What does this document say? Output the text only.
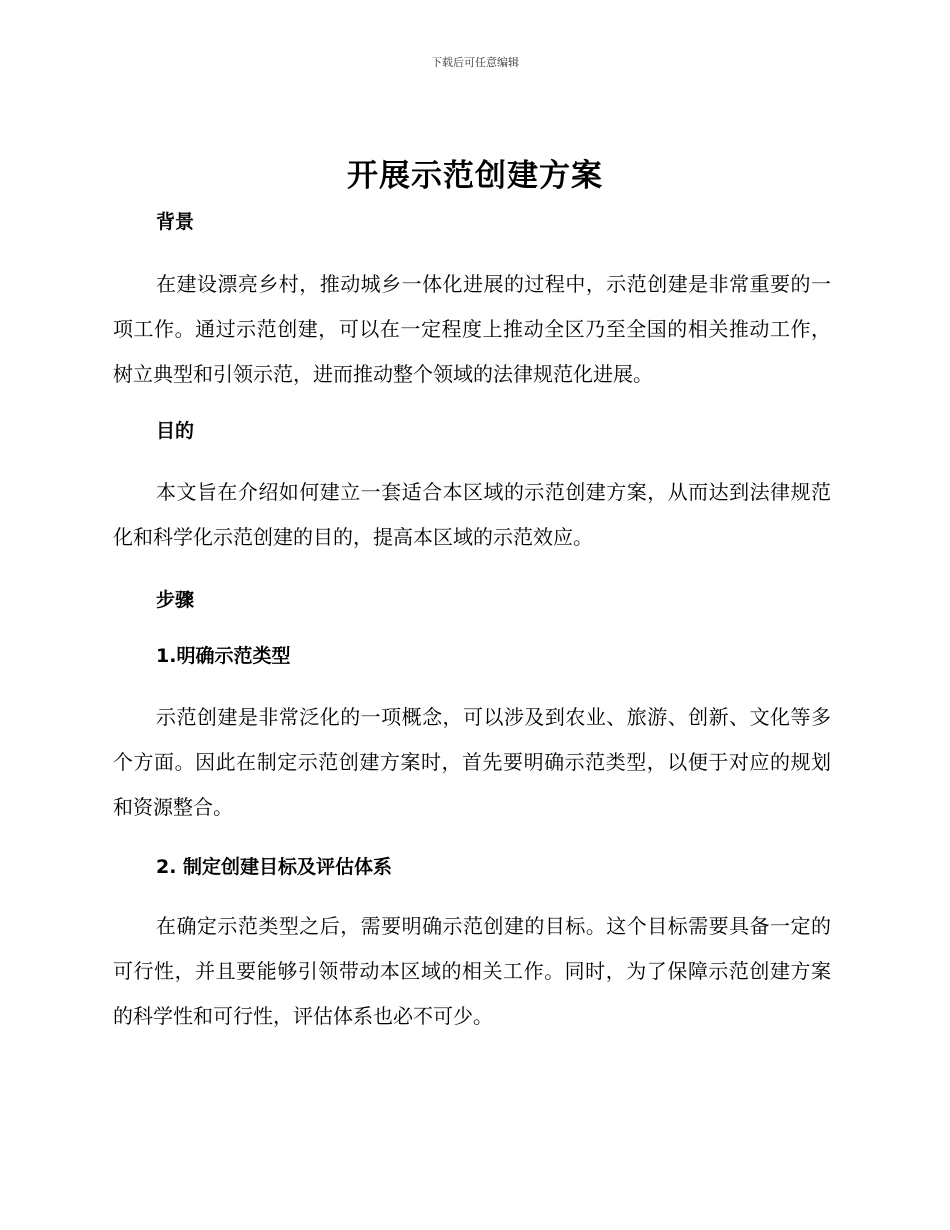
下载后可任意编辑
开展示范创建方案
背景

在建设漂亮乡村，推动城乡一体化进展的过程中，示范创建是非常重要的一项工作。通过示范创建，可以在一定程度上推动全区乃至全国的相关推动工作，树立典型和引领示范，进而推动整个领域的法律规范化进展。

目的

本文旨在介绍如何建立一套适合本区域的示范创建方案，从而达到法律规范化和科学化示范创建的目的，提高本区域的示范效应。

步骤
1.明确示范类型

示范创建是非常泛化的一项概念，可以涉及到农业、旅游、创新、文化等多个方面。因此在制定示范创建方案时，首先要明确示范类型，以便于对应的规划和资源整合。

2. 制定创建目标及评估体系

在确定示范类型之后，需要明确示范创建的目标。这个目标需要具备一定的可行性，并且要能够引领带动本区域的相关工作。同时，为了保障示范创建方案的科学性和可行性，评估体系也必不可少。
